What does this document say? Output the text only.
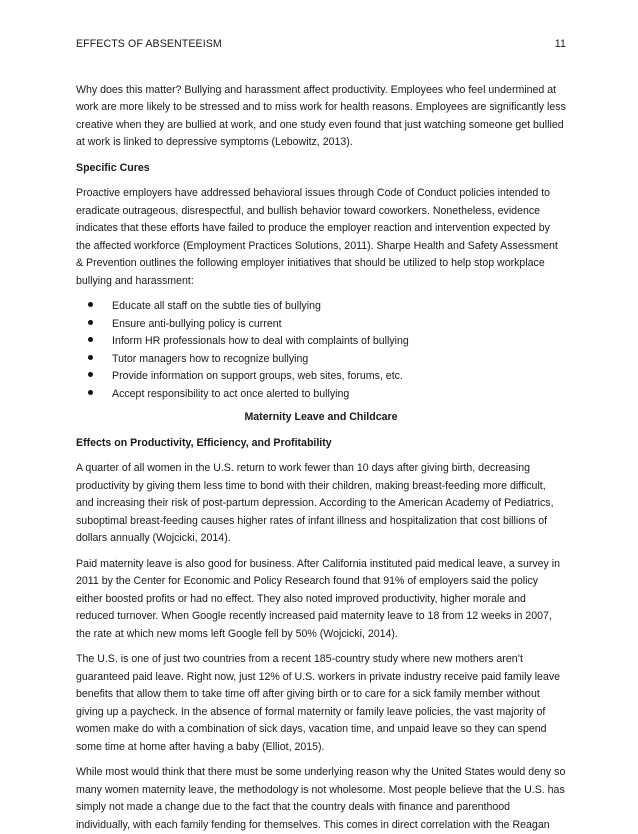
EFFECTS OF ABSENTEEISM	11

Why does this matter? Bullying and harassment affect productivity. Employees who feel undermined at work are more likely to be stressed and to miss work for health reasons. Employees are significantly less creative when they are bullied at work, and one study even found that just watching someone get bullied at work is linked to depressive symptoms (Lebowitz, 2013).

Specific Cures

Proactive employers have addressed behavioral issues through Code of Conduct policies intended to eradicate outrageous, disrespectful, and bullish behavior toward coworkers. Nonetheless, evidence indicates that these efforts have failed to produce the employer reaction and intervention expected by the affected workforce (Employment Practices Solutions, 2011). Sharpe Health and Safety Assessment & Prevention outlines the following employer initiatives that should be utilized to help stop workplace bullying and harassment:

Educate all staff on the subtle ties of bullying
Ensure anti-bullying policy is current
Inform HR professionals how to deal with complaints of bullying
Tutor managers how to recognize bullying
Provide information on support groups, web sites, forums, etc.
Accept responsibility to act once alerted to bullying
Maternity Leave and Childcare
Effects on Productivity, Efficiency, and Profitability

A quarter of all women in the U.S. return to work fewer than 10 days after giving birth, decreasing productivity by giving them less time to bond with their children, making breast-feeding more difficult, and increasing their risk of post-partum depression. According to the American Academy of Pediatrics, suboptimal breast-feeding causes higher rates of infant illness and hospitalization that cost billions of dollars annually (Wojcicki, 2014).

Paid maternity leave is also good for business. After California instituted paid medical leave, a survey in 2011 by the Center for Economic and Policy Research found that 91% of employers said the policy either boosted profits or had no effect. They also noted improved productivity, higher morale and reduced turnover. When Google recently increased paid maternity leave to 18 from 12 weeks in 2007, the rate at which new moms left Google fell by 50% (Wojcicki, 2014).

The U.S. is one of just two countries from a recent 185-country study where new mothers aren’t guaranteed paid leave. Right now, just 12% of U.S. workers in private industry receive paid family leave benefits that allow them to take time off after giving birth or to care for a sick family member without giving up a paycheck. In the absence of formal maternity or family leave policies, the vast majority of women make do with a combination of sick days, vacation time, and unpaid leave so they can spend some time at home after having a baby (Elliot, 2015).

While most would think that there must be some underlying reason why the United States would deny so many women maternity leave, the methodology is not wholesome. Most people believe that the U.S. has simply not made a change due to the fact that the country deals with finance and parenthood individually, with each family fending for themselves. This comes in direct correlation with the Reagan
